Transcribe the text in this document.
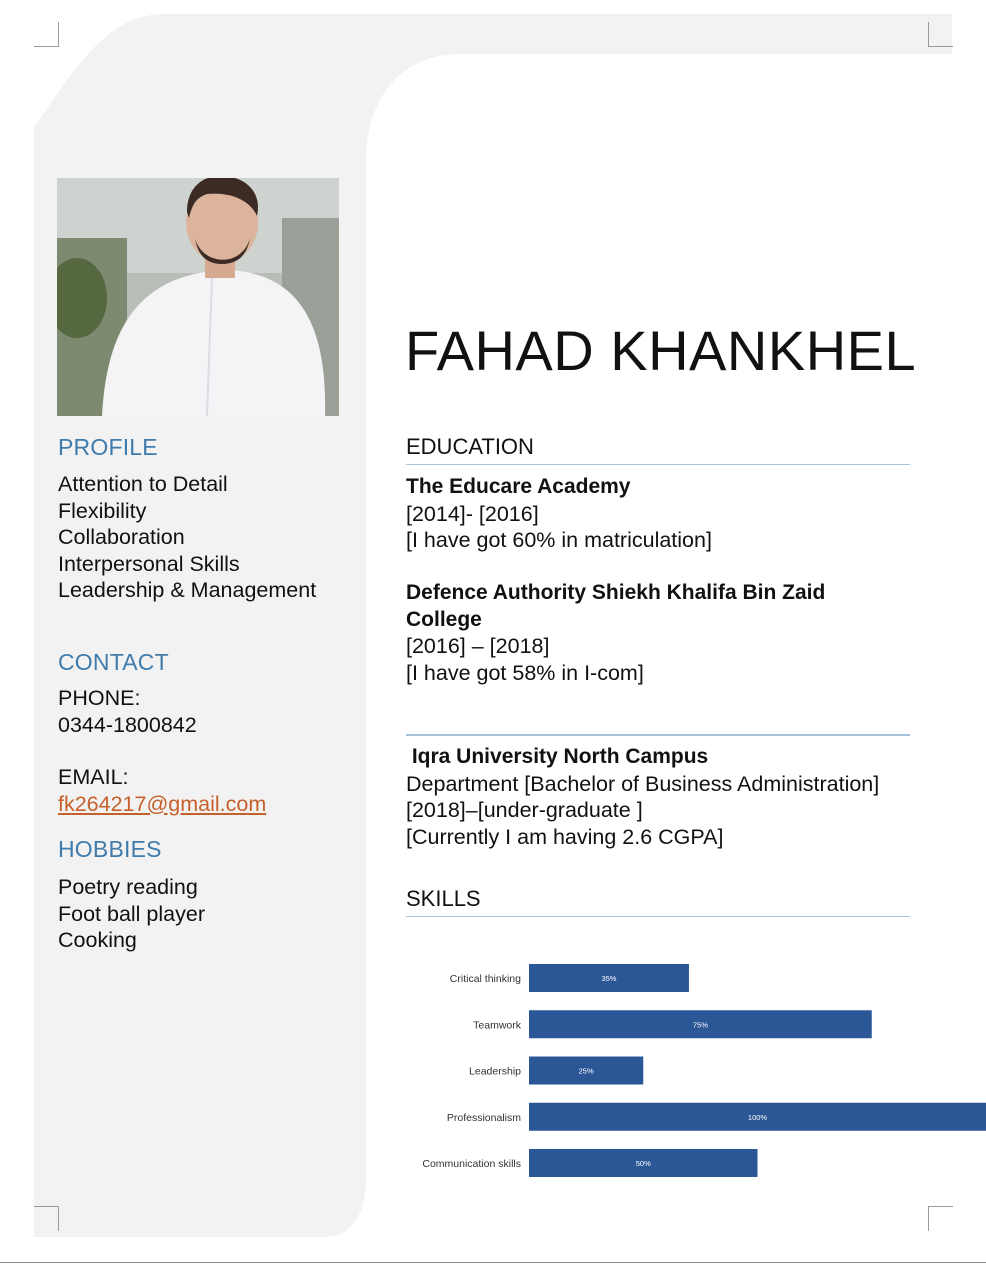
PROFILE
Attention to Detail
Flexibility
Collaboration
Interpersonal Skills
Leadership & Management
CONTACT
PHONE:
0344-1800842
EMAIL:
fk264217@gmail.com
HOBBIES
Poetry reading
Foot ball player
Cooking
FAHAD KHANKHEL
EDUCATION
The Educare Academy
[2014]- [2016]
[I have got 60% in matriculation]
Defence Authority Shiekh Khalifa Bin Zaid College
[2016] – [2018]
[I have got 58% in I-com]
Iqra University North Campus
Department [Bachelor of Business Administration]
[2018]–[under-graduate ]
[Currently I am having 2.6 CGPA]
SKILLS
Critical thinking	35%
Teamwork	75%
Leadership	25%
Professionalism	100%
Communication skills	50%
